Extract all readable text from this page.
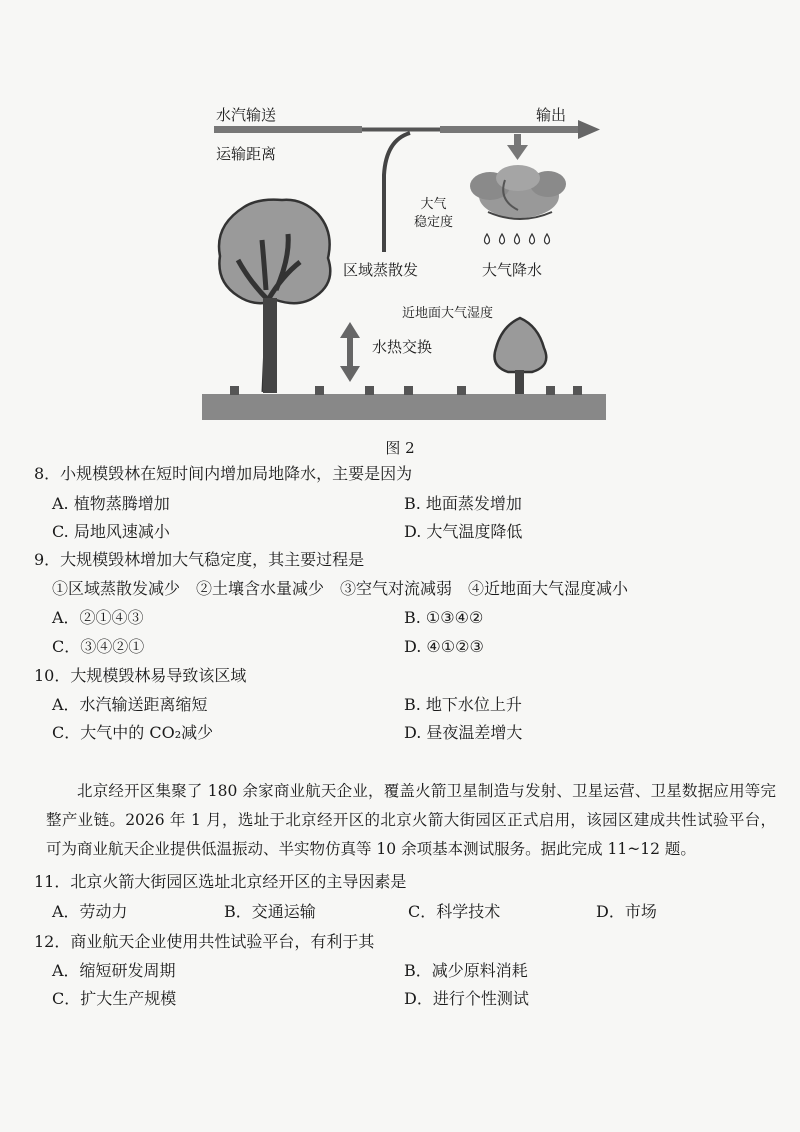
水汽输送	输出
运输距离
大气
稳定度
区域蒸散发	大气降水
近地面大气湿度
水热交换
图 2
8．小规模毁林在短时间内增加局地降水，主要是因为
A. 植物蒸腾增加	B. 地面蒸发增加
C. 局地风速减小	D. 大气温度降低
9．大规模毁林增加大气稳定度，其主要过程是
①区域蒸散发减少　②土壤含水量减少　③空气对流减弱　④近地面大气湿度减小
A．②①④③	B. ①③④②
C．③④②①	D. ④①②③
10．大规模毁林易导致该区域
A．水汽输送距离缩短	B. 地下水位上升
C．大气中的 CO₂减少	D. 昼夜温差增大

北京经开区集聚了 180 余家商业航天企业，覆盖火箭卫星制造与发射、卫星运营、卫星数据应用等完整产业链。2026 年 1 月，选址于北京经开区的北京火箭大街园区正式启用，该园区建成共性试验平台，可为商业航天企业提供低温振动、半实物仿真等 10 余项基本测试服务。据此完成 11~12 题。

11．北京火箭大街园区选址北京经开区的主导因素是
A．劳动力	B．交通运输	C．科学技术	D．市场
12．商业航天企业使用共性试验平台，有利于其
A．缩短研发周期	B．减少原料消耗
C．扩大生产规模	D．进行个性测试
